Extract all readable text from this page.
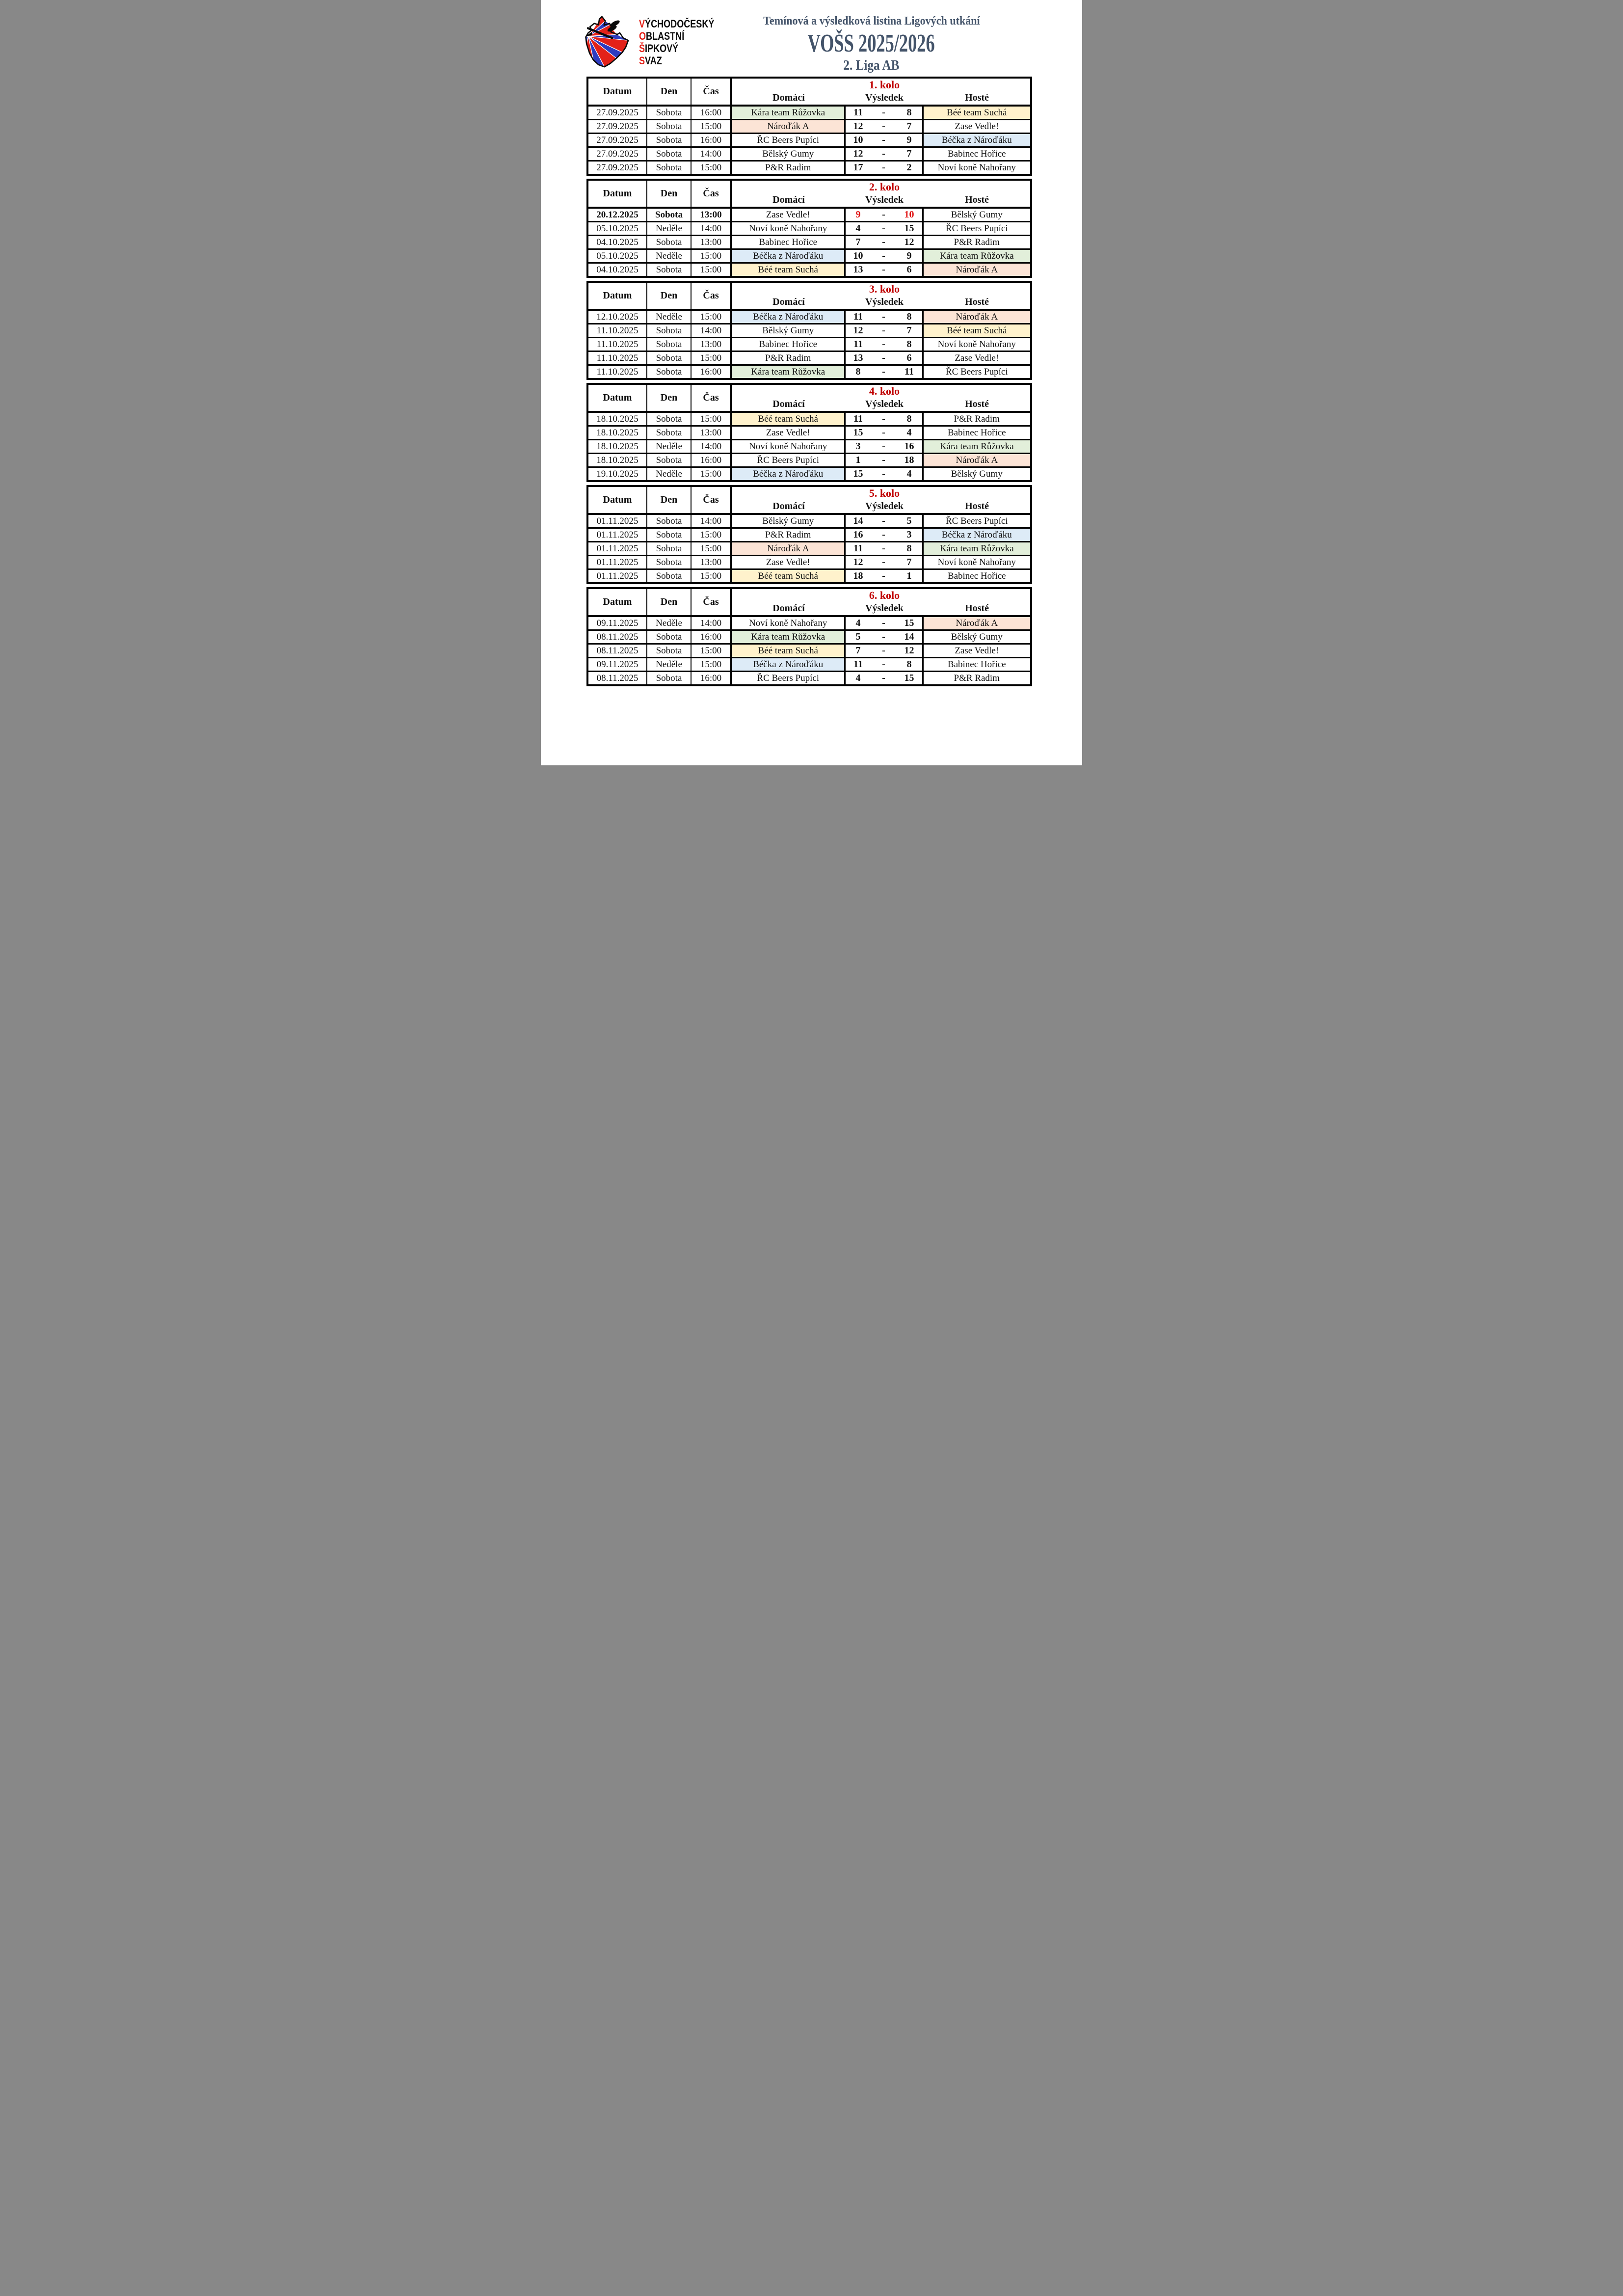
VÝCHODOČESKÝ
OBLASTNÍ
ŠIPKOVÝ
SVAZ
Temínová a výsledková listina Ligových utkání
VOŠS 2025/2026
2. Liga AB
Datum	Den	Čas	1. kolo
Domácí Výsledek Hosté		

27.09.2025	Sobota	16:00	Kára team Růžovka	11 - 8	Béé team Suchá
27.09.2025	Sobota	15:00	Nároďák A	12 - 7	Zase Vedle!
27.09.2025	Sobota	16:00	ŘC Beers Pupíci	10 - 9	Béčka z Nároďáku
27.09.2025	Sobota	14:00	Bělský Gumy	12 - 7	Babinec Hořice
27.09.2025	Sobota	15:00	P&R Radim	17 - 2	Noví koně Nahořany
Datum	Den	Čas	2. kolo
Domácí Výsledek Hosté		

20.12.2025	Sobota	13:00	Zase Vedle!	9 - 10	Bělský Gumy
05.10.2025	Neděle	14:00	Noví koně Nahořany	4 - 15	ŘC Beers Pupíci
04.10.2025	Sobota	13:00	Babinec Hořice	7 - 12	P&R Radim
05.10.2025	Neděle	15:00	Béčka z Nároďáku	10 - 9	Kára team Růžovka
04.10.2025	Sobota	15:00	Béé team Suchá	13 - 6	Nároďák A
Datum	Den	Čas	3. kolo
Domácí Výsledek Hosté		

12.10.2025	Neděle	15:00	Béčka z Nároďáku	11 - 8	Nároďák A
11.10.2025	Sobota	14:00	Bělský Gumy	12 - 7	Béé team Suchá
11.10.2025	Sobota	13:00	Babinec Hořice	11 - 8	Noví koně Nahořany
11.10.2025	Sobota	15:00	P&R Radim	13 - 6	Zase Vedle!
11.10.2025	Sobota	16:00	Kára team Růžovka	8 - 11	ŘC Beers Pupíci
Datum	Den	Čas	4. kolo
Domácí Výsledek Hosté		

18.10.2025	Sobota	15:00	Béé team Suchá	11 - 8	P&R Radim
18.10.2025	Sobota	13:00	Zase Vedle!	15 - 4	Babinec Hořice
18.10.2025	Neděle	14:00	Noví koně Nahořany	3 - 16	Kára team Růžovka
18.10.2025	Sobota	16:00	ŘC Beers Pupíci	1 - 18	Nároďák A
19.10.2025	Neděle	15:00	Béčka z Nároďáku	15 - 4	Bělský Gumy
Datum	Den	Čas	5. kolo
Domácí Výsledek Hosté		

01.11.2025	Sobota	14:00	Bělský Gumy	14 - 5	ŘC Beers Pupíci
01.11.2025	Sobota	15:00	P&R Radim	16 - 3	Béčka z Nároďáku
01.11.2025	Sobota	15:00	Nároďák A	11 - 8	Kára team Růžovka
01.11.2025	Sobota	13:00	Zase Vedle!	12 - 7	Noví koně Nahořany
01.11.2025	Sobota	15:00	Béé team Suchá	18 - 1	Babinec Hořice
Datum	Den	Čas	6. kolo
Domácí Výsledek Hosté		

09.11.2025	Neděle	14:00	Noví koně Nahořany	4 - 15	Nároďák A
08.11.2025	Sobota	16:00	Kára team Růžovka	5 - 14	Bělský Gumy
08.11.2025	Sobota	15:00	Béé team Suchá	7 - 12	Zase Vedle!
09.11.2025	Neděle	15:00	Béčka z Nároďáku	11 - 8	Babinec Hořice
08.11.2025	Sobota	16:00	ŘC Beers Pupíci	4 - 15	P&R Radim
